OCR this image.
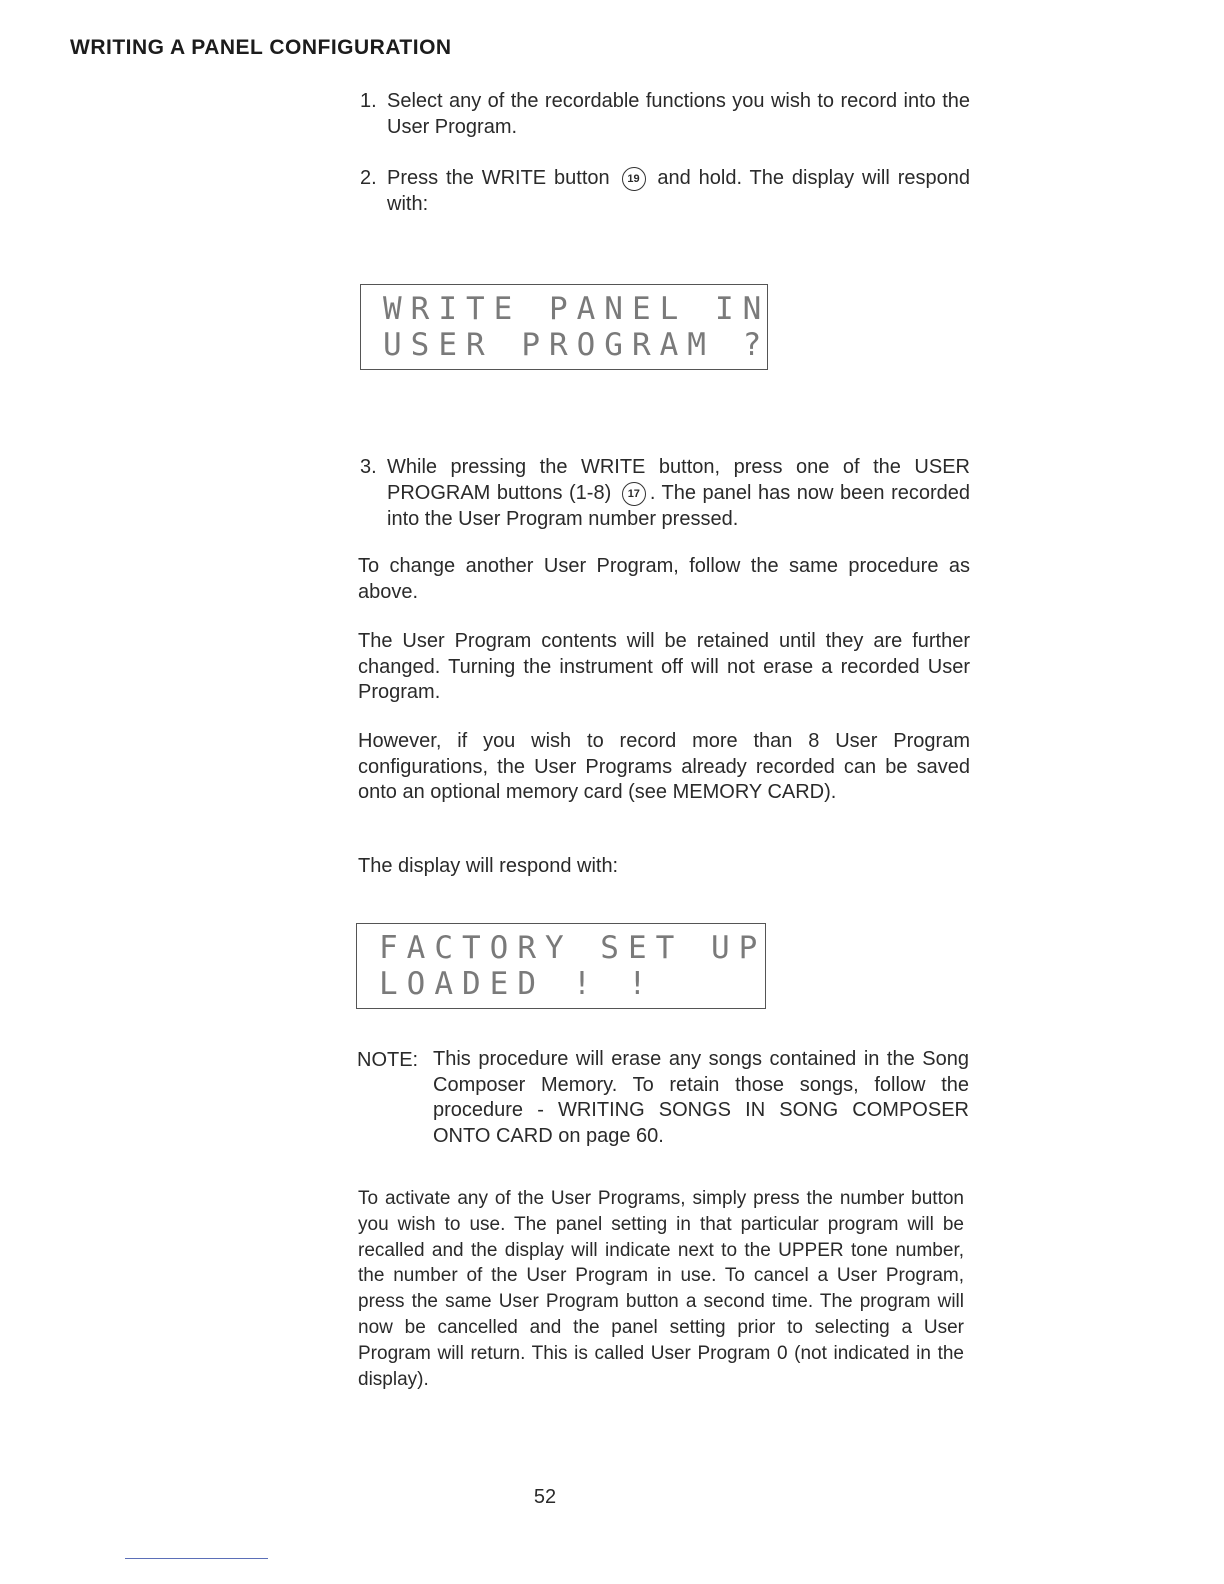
WRITING A PANEL CONFIGURATION
1. Select any of the recordable functions you wish to record into the User Program.
2. Press the WRITE button 19 and hold. The display will respond with:
WRITE PANEL IN
USER PROGRAM ?
3. While pressing the WRITE button, press one of the USER PROGRAM buttons (1-8) 17 . The panel has now been recorded into the User Program number pressed.
To change another User Program, follow the same procedure as above.
The User Program contents will be retained until they are further changed. Turning the instrument off will not erase a recorded User Program.
However, if you wish to record more than 8 User Program configurations, the User Programs already recorded can be saved onto an optional memory card (see MEMORY CARD).
The display will respond with:
FACTORY SET UP
LOADED ! !
NOTE: This procedure will erase any songs contained in the Song Composer Memory. To retain those songs, follow the procedure - WRITING SONGS IN SONG COMPOSER ONTO CARD on page 60.
To activate any of the User Programs, simply press the number button you wish to use. The panel setting in that particular program will be recalled and the display will indicate next to the UPPER tone number, the number of the User Program in use. To cancel a User Program, press the same User Program button a second time. The program will now be cancelled and the panel setting prior to selecting a User Program will return. This is called User Program 0 (not indicated in the display).
52
